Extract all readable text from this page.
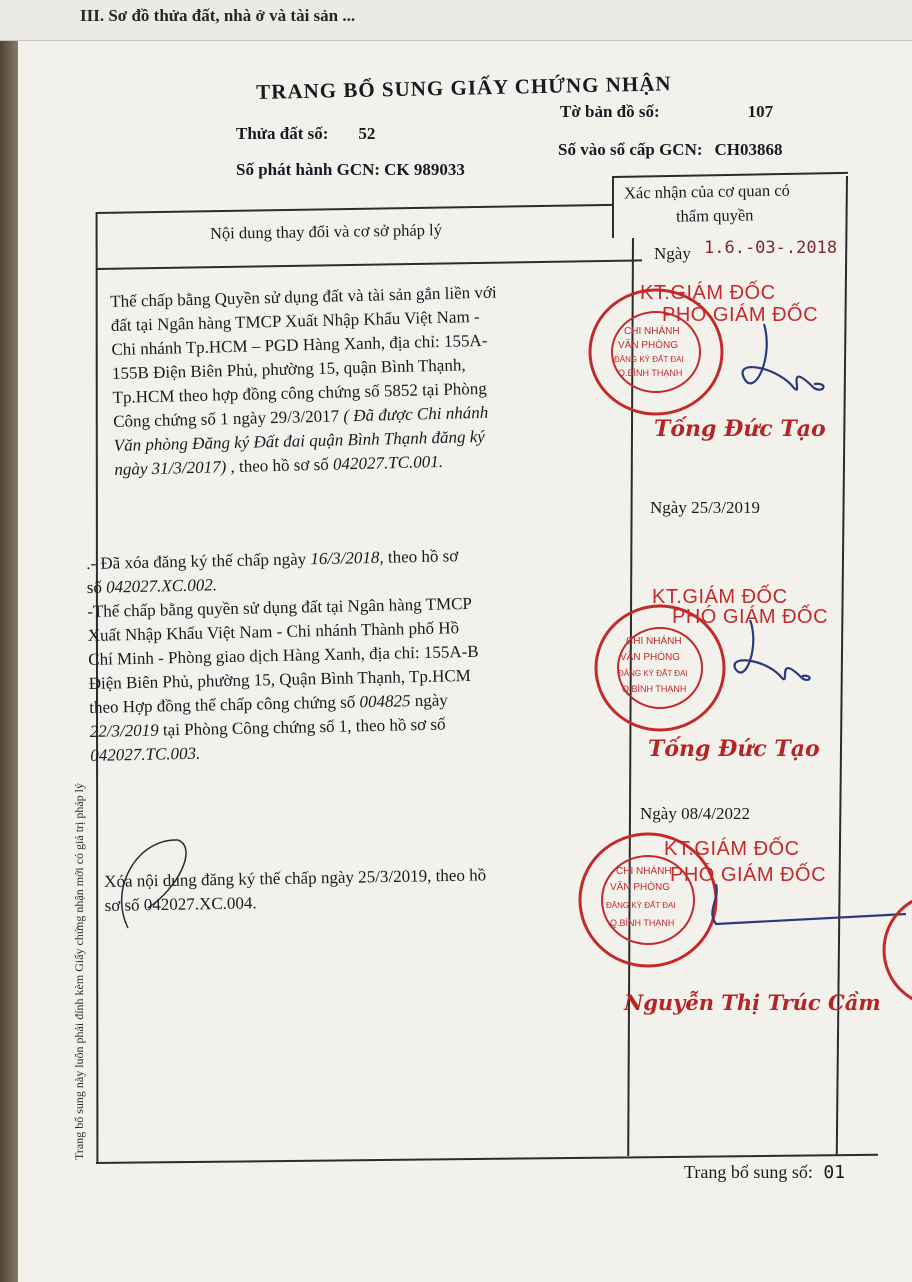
III. Sơ đồ thửa đất, nhà ở và tài sản ...
TRANG BỔ SUNG GIẤY CHỨNG NHẬN
Thửa đất số: 52
Tờ bản đồ số:	107
Số phát hành GCN: CK 989033
Số vào sổ cấp GCN: CH03868
Nội dung thay đổi và cơ sở pháp lý
Xác nhận của cơ quan có
thẩm quyền
Thế chấp bằng Quyền sử dụng đất và tài sản gắn liền với
đất tại Ngân hàng TMCP Xuất Nhập Khẩu Việt Nam -
Chi nhánh Tp.HCM – PGD Hàng Xanh, địa chỉ: 155A-
155B Điện Biên Phủ, phường 15, quận Bình Thạnh,
Tp.HCM theo hợp đồng công chứng số 5852 tại Phòng
Công chứng số 1 ngày 29/3/2017 ( Đã được Chi nhánh
Văn phòng Đăng ký Đất đai quận Bình Thạnh đăng ký
ngày 31/3/2017) , theo hồ sơ số 042027.TC.001.
Ngày 1.6.-03-.2018
CHI NHÁNH
VĂN PHÒNG
ĐĂNG KÝ ĐẤT ĐAI
Q.BÌNH THẠNH
KT.GIÁM ĐỐC
PHÓ GIÁM ĐỐC
Tống Đức Tạo
Ngày 25/3/2019
.- Đã xóa đăng ký thế chấp ngày 16/3/2018, theo hồ sơ
số 042027.XC.002.
-Thế chấp bằng quyền sử dụng đất tại Ngân hàng TMCP
Xuất Nhập Khẩu Việt Nam - Chi nhánh Thành phố Hồ
Chí Minh - Phòng giao dịch Hàng Xanh, địa chỉ: 155A-B
Điện Biên Phủ, phường 15, Quận Bình Thạnh, Tp.HCM
theo Hợp đồng thế chấp công chứng số 004825 ngày
22/3/2019 tại Phòng Công chứng số 1, theo hồ sơ số
042027.TC.003.
CHI NHÁNH
VĂN PHÒNG
ĐĂNG KÝ ĐẤT ĐAI
Q.BÌNH THẠNH
KT.GIÁM ĐỐC
PHÓ GIÁM ĐỐC
Tống Đức Tạo
Ngày 08/4/2022
Xóa nội dung đăng ký thế chấp ngày 25/3/2019, theo hồ
sơ số 042027.XC.004.
CHI NHÁNH
VĂN PHÒNG
ĐĂNG KÝ ĐẤT ĐAI
Q.BÌNH THẠNH
KT.GIÁM ĐỐC
PHÓ GIÁM ĐỐC
Nguyễn Thị Trúc Cầm
Trang bổ sung này luôn phải đính kèm Giấy chứng nhận mới có giá trị pháp lý
Trang bổ sung số: 01
